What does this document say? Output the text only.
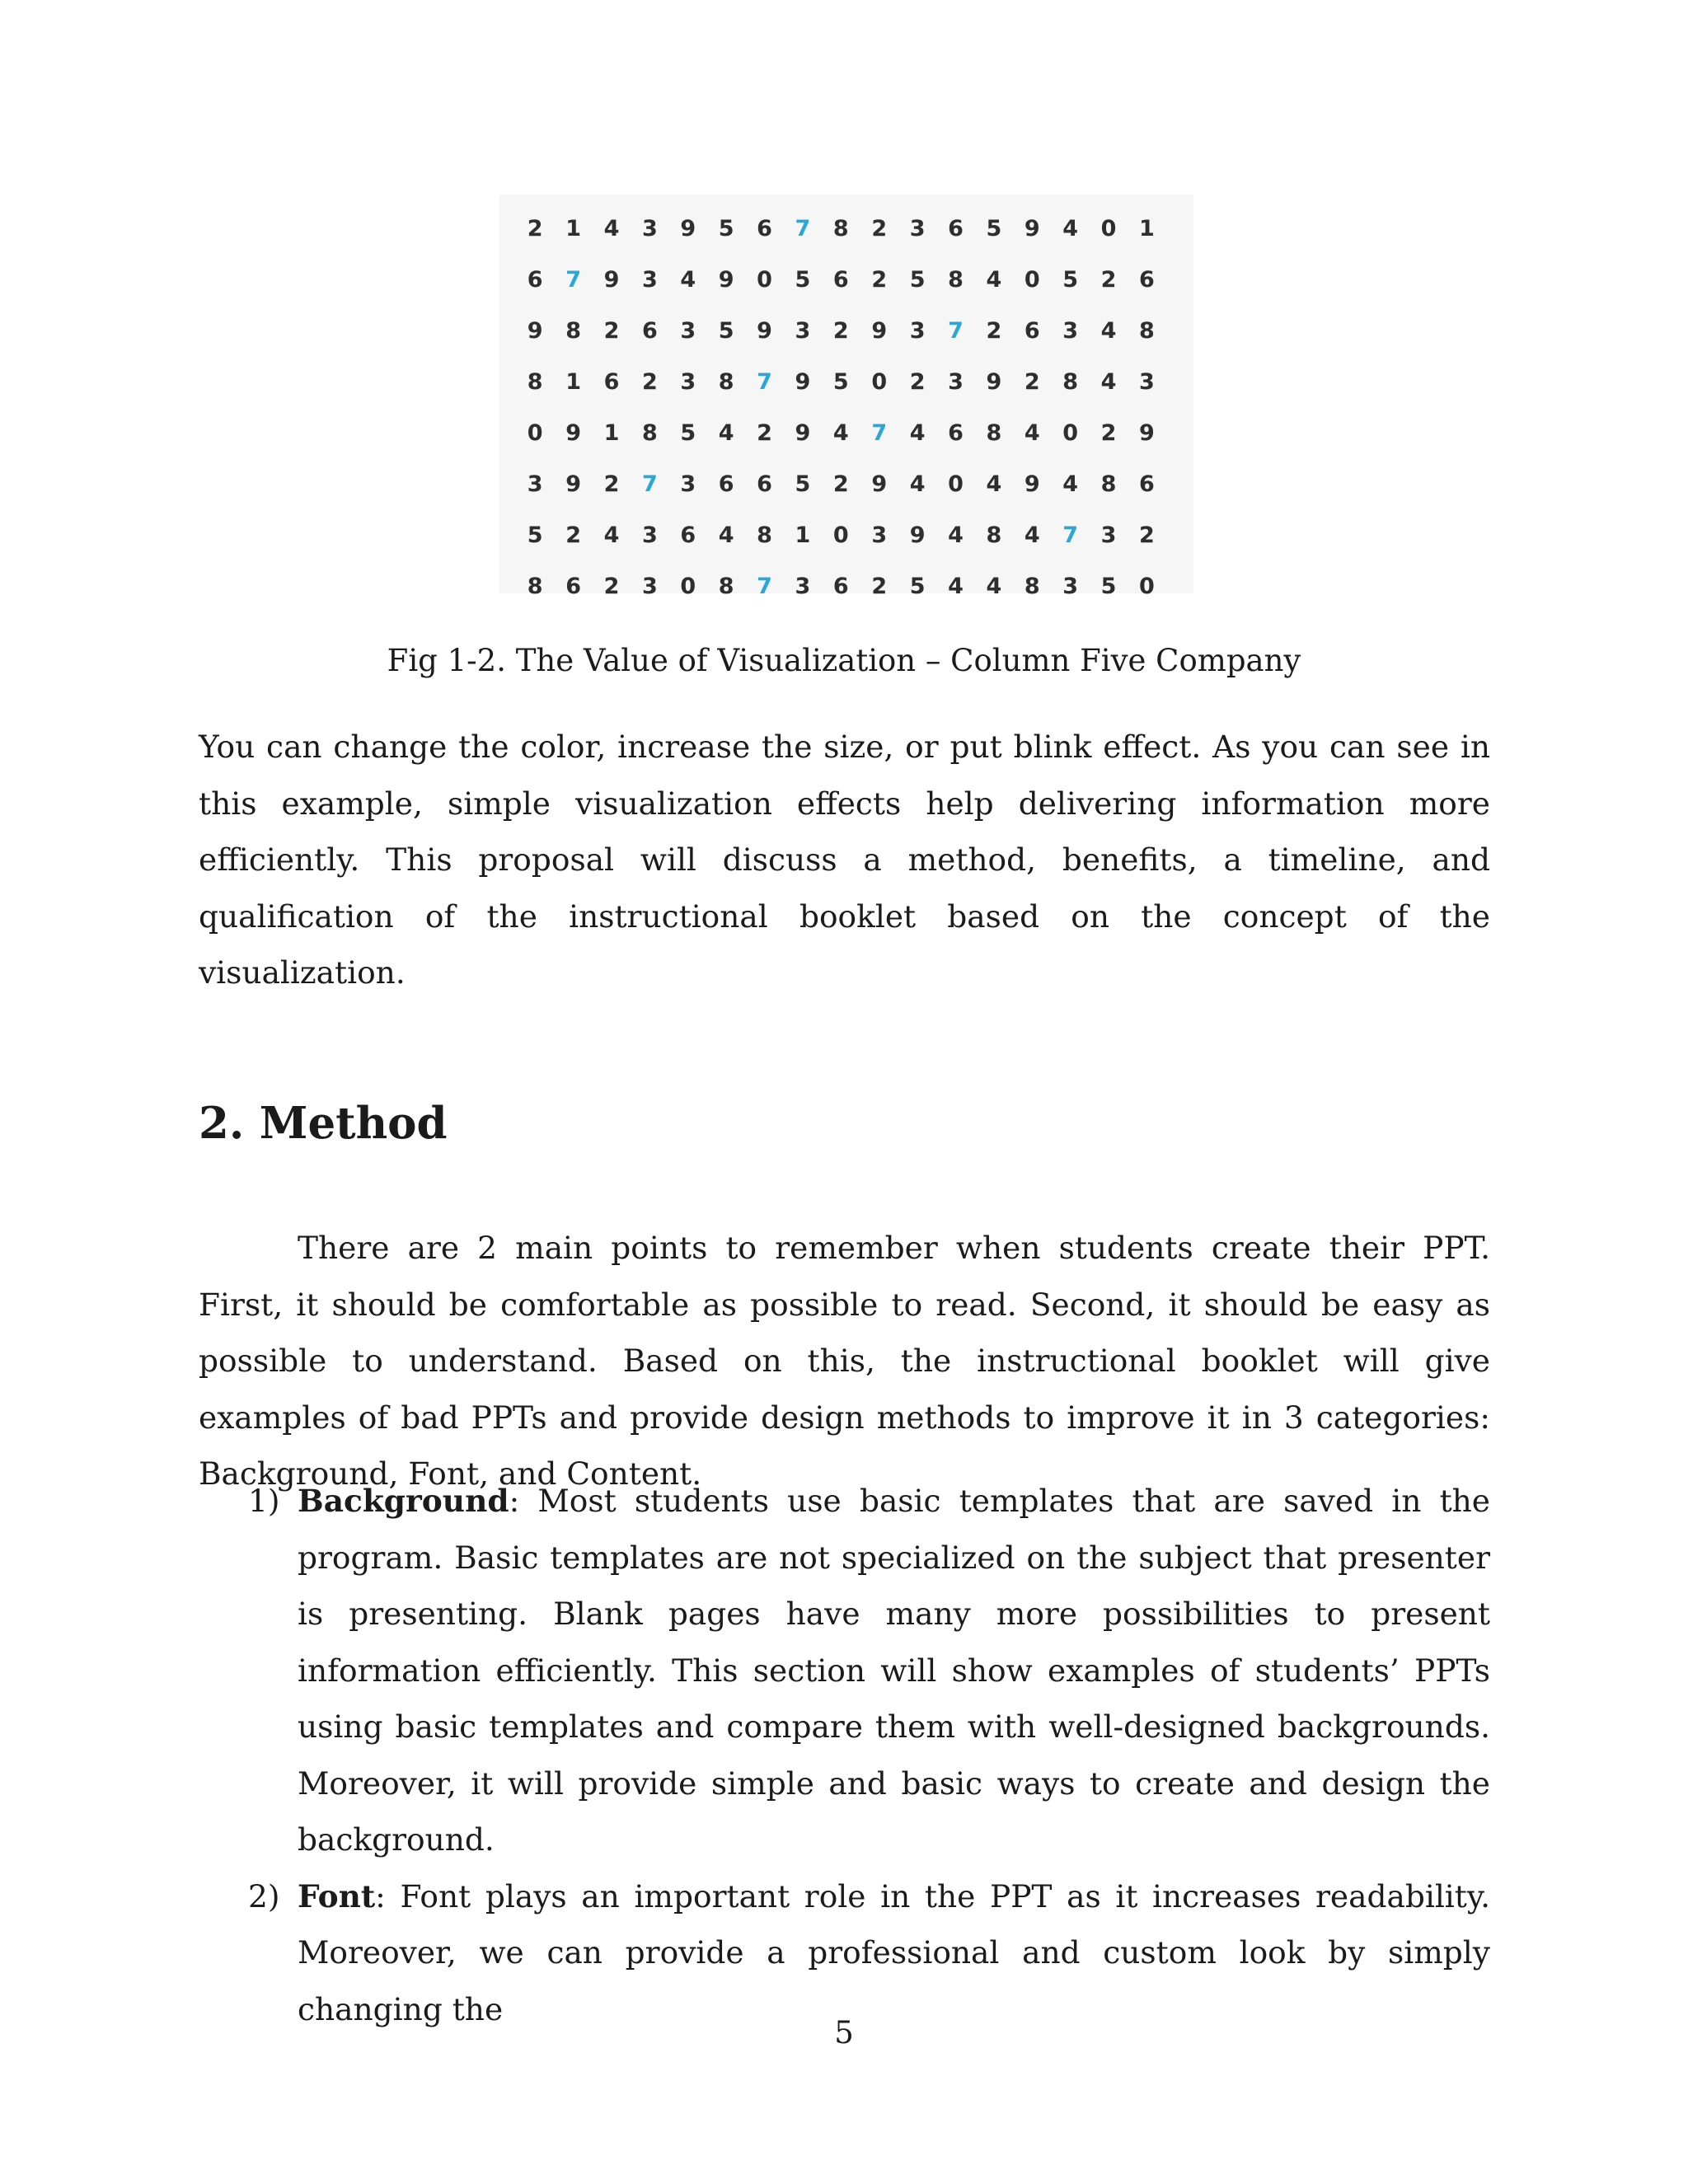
2	1	4	3	9	5	6	7	8	2	3	6	5	9	4	0	1
6	7	9	3	4	9	0	5	6	2	5	8	4	0	5	2	6
9	8	2	6	3	5	9	3	2	9	3	7	2	6	3	4	8
8	1	6	2	3	8	7	9	5	0	2	3	9	2	8	4	3
0	9	1	8	5	4	2	9	4	7	4	6	8	4	0	2	9
3	9	2	7	3	6	6	5	2	9	4	0	4	9	4	8	6
5	2	4	3	6	4	8	1	0	3	9	4	8	4	7	3	2
8	6	2	3	0	8	7	3	6	2	5	4	4	8	3	5	0
Fig 1-2. The Value of Visualization – Column Five Company

You can change the color, increase the size, or put blink effect. As you can see in this example, simple visualization effects help delivering information more efficiently. This proposal will discuss a method, benefits, a timeline, and qualification of the instructional booklet based on the concept of the visualization.

2. Method

There are 2 main points to remember when students create their PPT. First, it should be comfortable as possible to read. Second, it should be easy as possible to understand. Based on this, the instructional booklet will give examples of bad PPTs and provide design methods to improve it in 3 categories: Background, Font, and Content.

1) Background: Most students use basic templates that are saved in the program. Basic templates are not specialized on the subject that presenter is presenting. Blank pages have many more possibilities to present information efficiently. This section will show examples of students’ PPTs using basic templates and compare them with well-designed backgrounds. Moreover, it will provide simple and basic ways to create and design the background.
2) Font: Font plays an important role in the PPT as it increases readability. Moreover, we can provide a professional and custom look by simply changing the
5
